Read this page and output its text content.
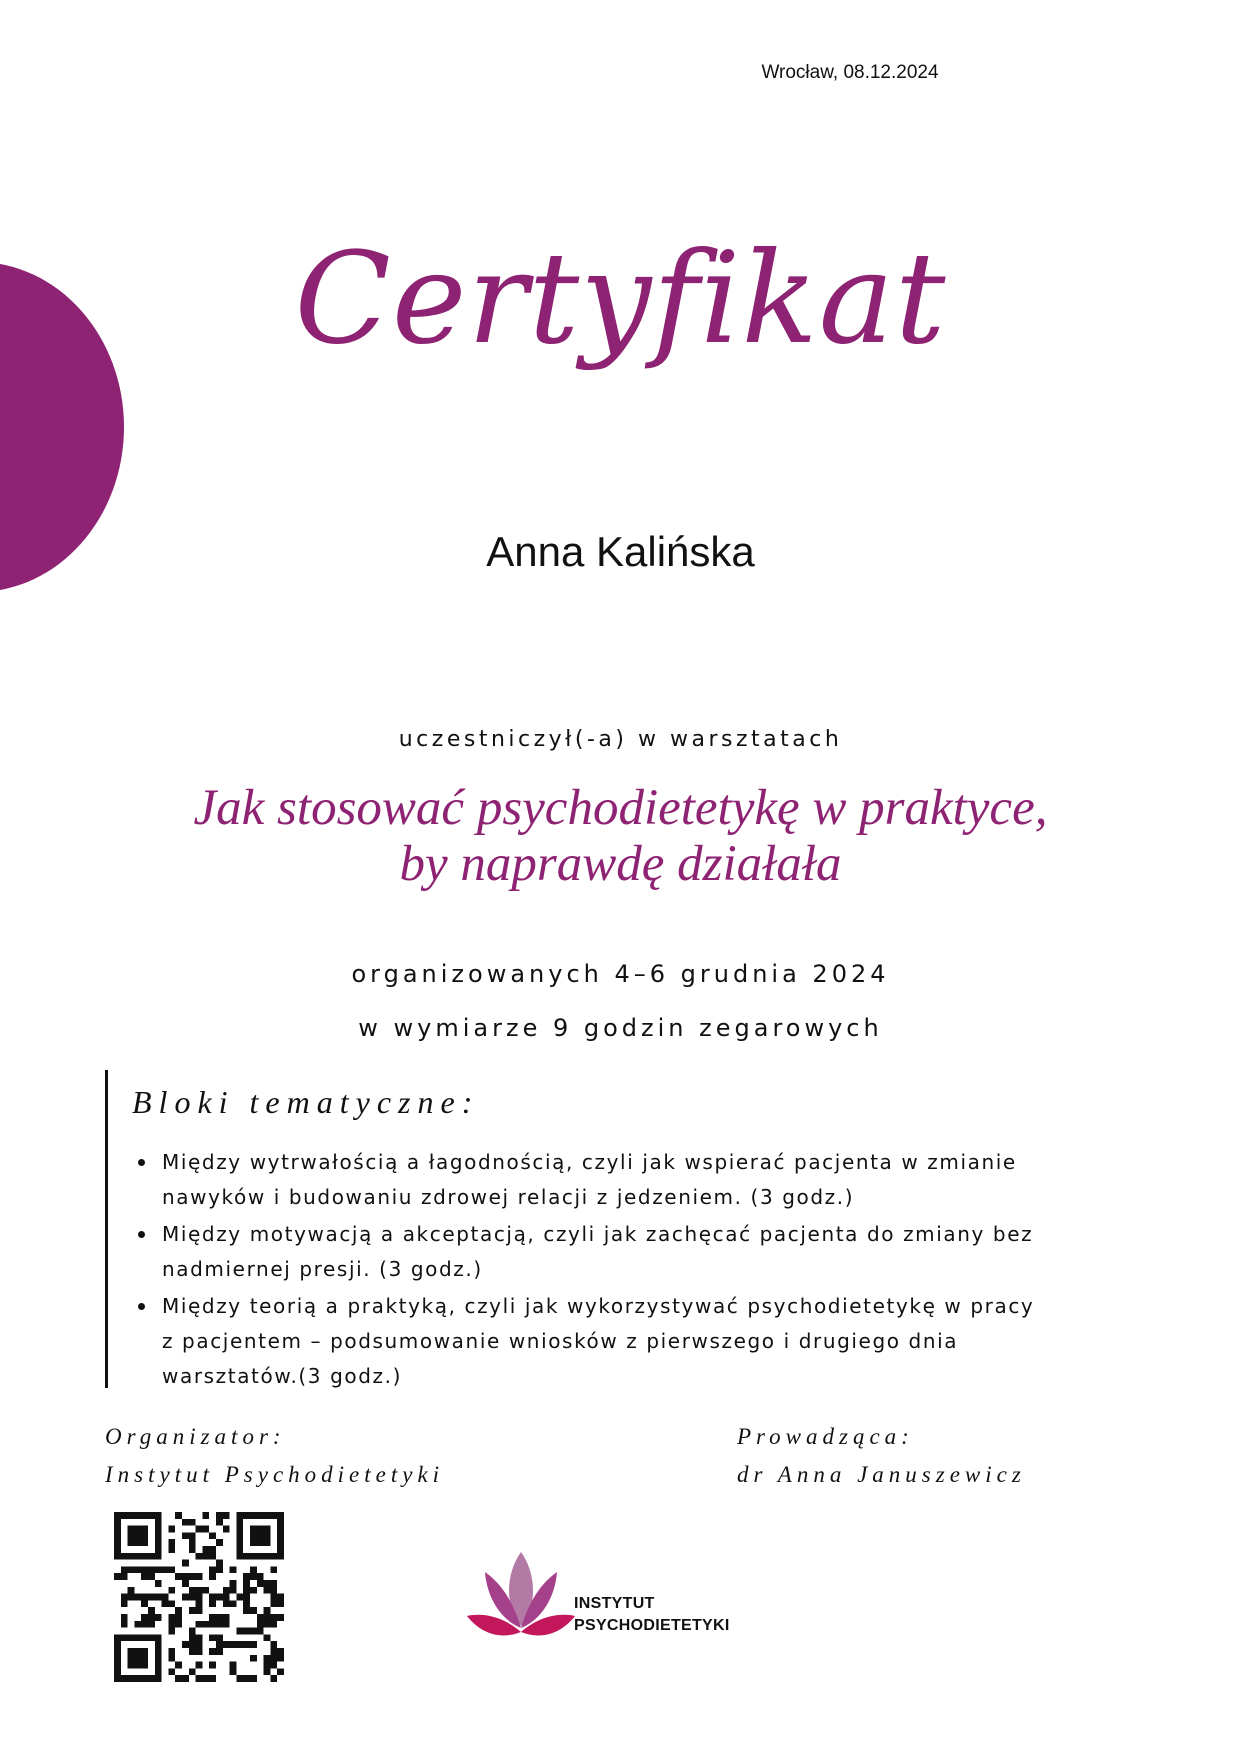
Wrocław, 08.12.2024
Certyfikat
Anna Kalińska
uczestniczył(-a) w warsztatach
Jak stosować psychodietetykę w praktyce,
by naprawdę działała
organizowanych 4–6 grudnia 2024
w wymiarze 9 godzin zegarowych
Bloki tematyczne:
Między wytrwałością a łagodnością, czyli jak wspierać pacjenta w zmianie
nawyków i budowaniu zdrowej relacji z jedzeniem. (3 godz.)
Między motywacją a akceptacją, czyli jak zachęcać pacjenta do zmiany bez
nadmiernej presji. (3 godz.)
Między teorią a praktyką, czyli jak wykorzystywać psychodietetykę w pracy
z pacjentem – podsumowanie wniosków z pierwszego i drugiego dnia
warsztatów.(3 godz.)
Organizator:
Instytut Psychodietetyki
Prowadząca:
dr Anna Januszewicz
INSTYTUT
PSYCHODIETETYKI
